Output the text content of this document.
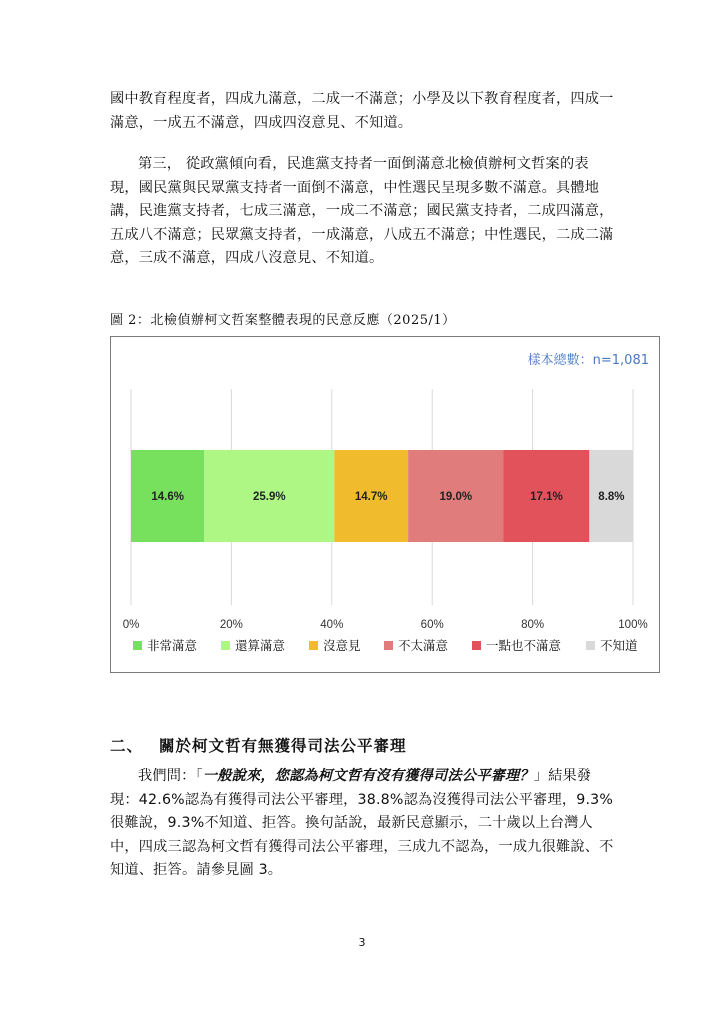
國中教育程度者，四成九滿意，二成一不滿意；小學及以下教育程度者，四成一滿意，一成五不滿意，四成四沒意見、不知道。

第三， 從政黨傾向看，民進黨支持者一面倒滿意北檢偵辦柯文哲案的表現，國民黨與民眾黨支持者一面倒不滿意，中性選民呈現多數不滿意。具體地講，民進黨支持者，七成三滿意，一成二不滿意；國民黨支持者，二成四滿意，五成八不滿意；民眾黨支持者，一成滿意，八成五不滿意；中性選民，二成二滿意，三成不滿意，四成八沒意見、不知道。

圖 2：北檢偵辦柯文哲案整體表現的民意反應（2025/1）

0%	20%	40%	60%	80%	100%
樣本總數：n=1,081
14.6%	25.9%	14.7%	19.0%	17.1%	8.8%
非常滿意	還算滿意	沒意見	不太滿意	一點也不滿意	不知道
二、 關於柯文哲有無獲得司法公平審理

我們問：「一般說來，您認為柯文哲有沒有獲得司法公平審理？」結果發現：42.6%認為有獲得司法公平審理，38.8%認為沒獲得司法公平審理，9.3%很難說，9.3%不知道、拒答。換句話說，最新民意顯示，二十歲以上台灣人中，四成三認為柯文哲有獲得司法公平審理，三成九不認為，一成九很難說、不知道、拒答。請參見圖 3。

3
